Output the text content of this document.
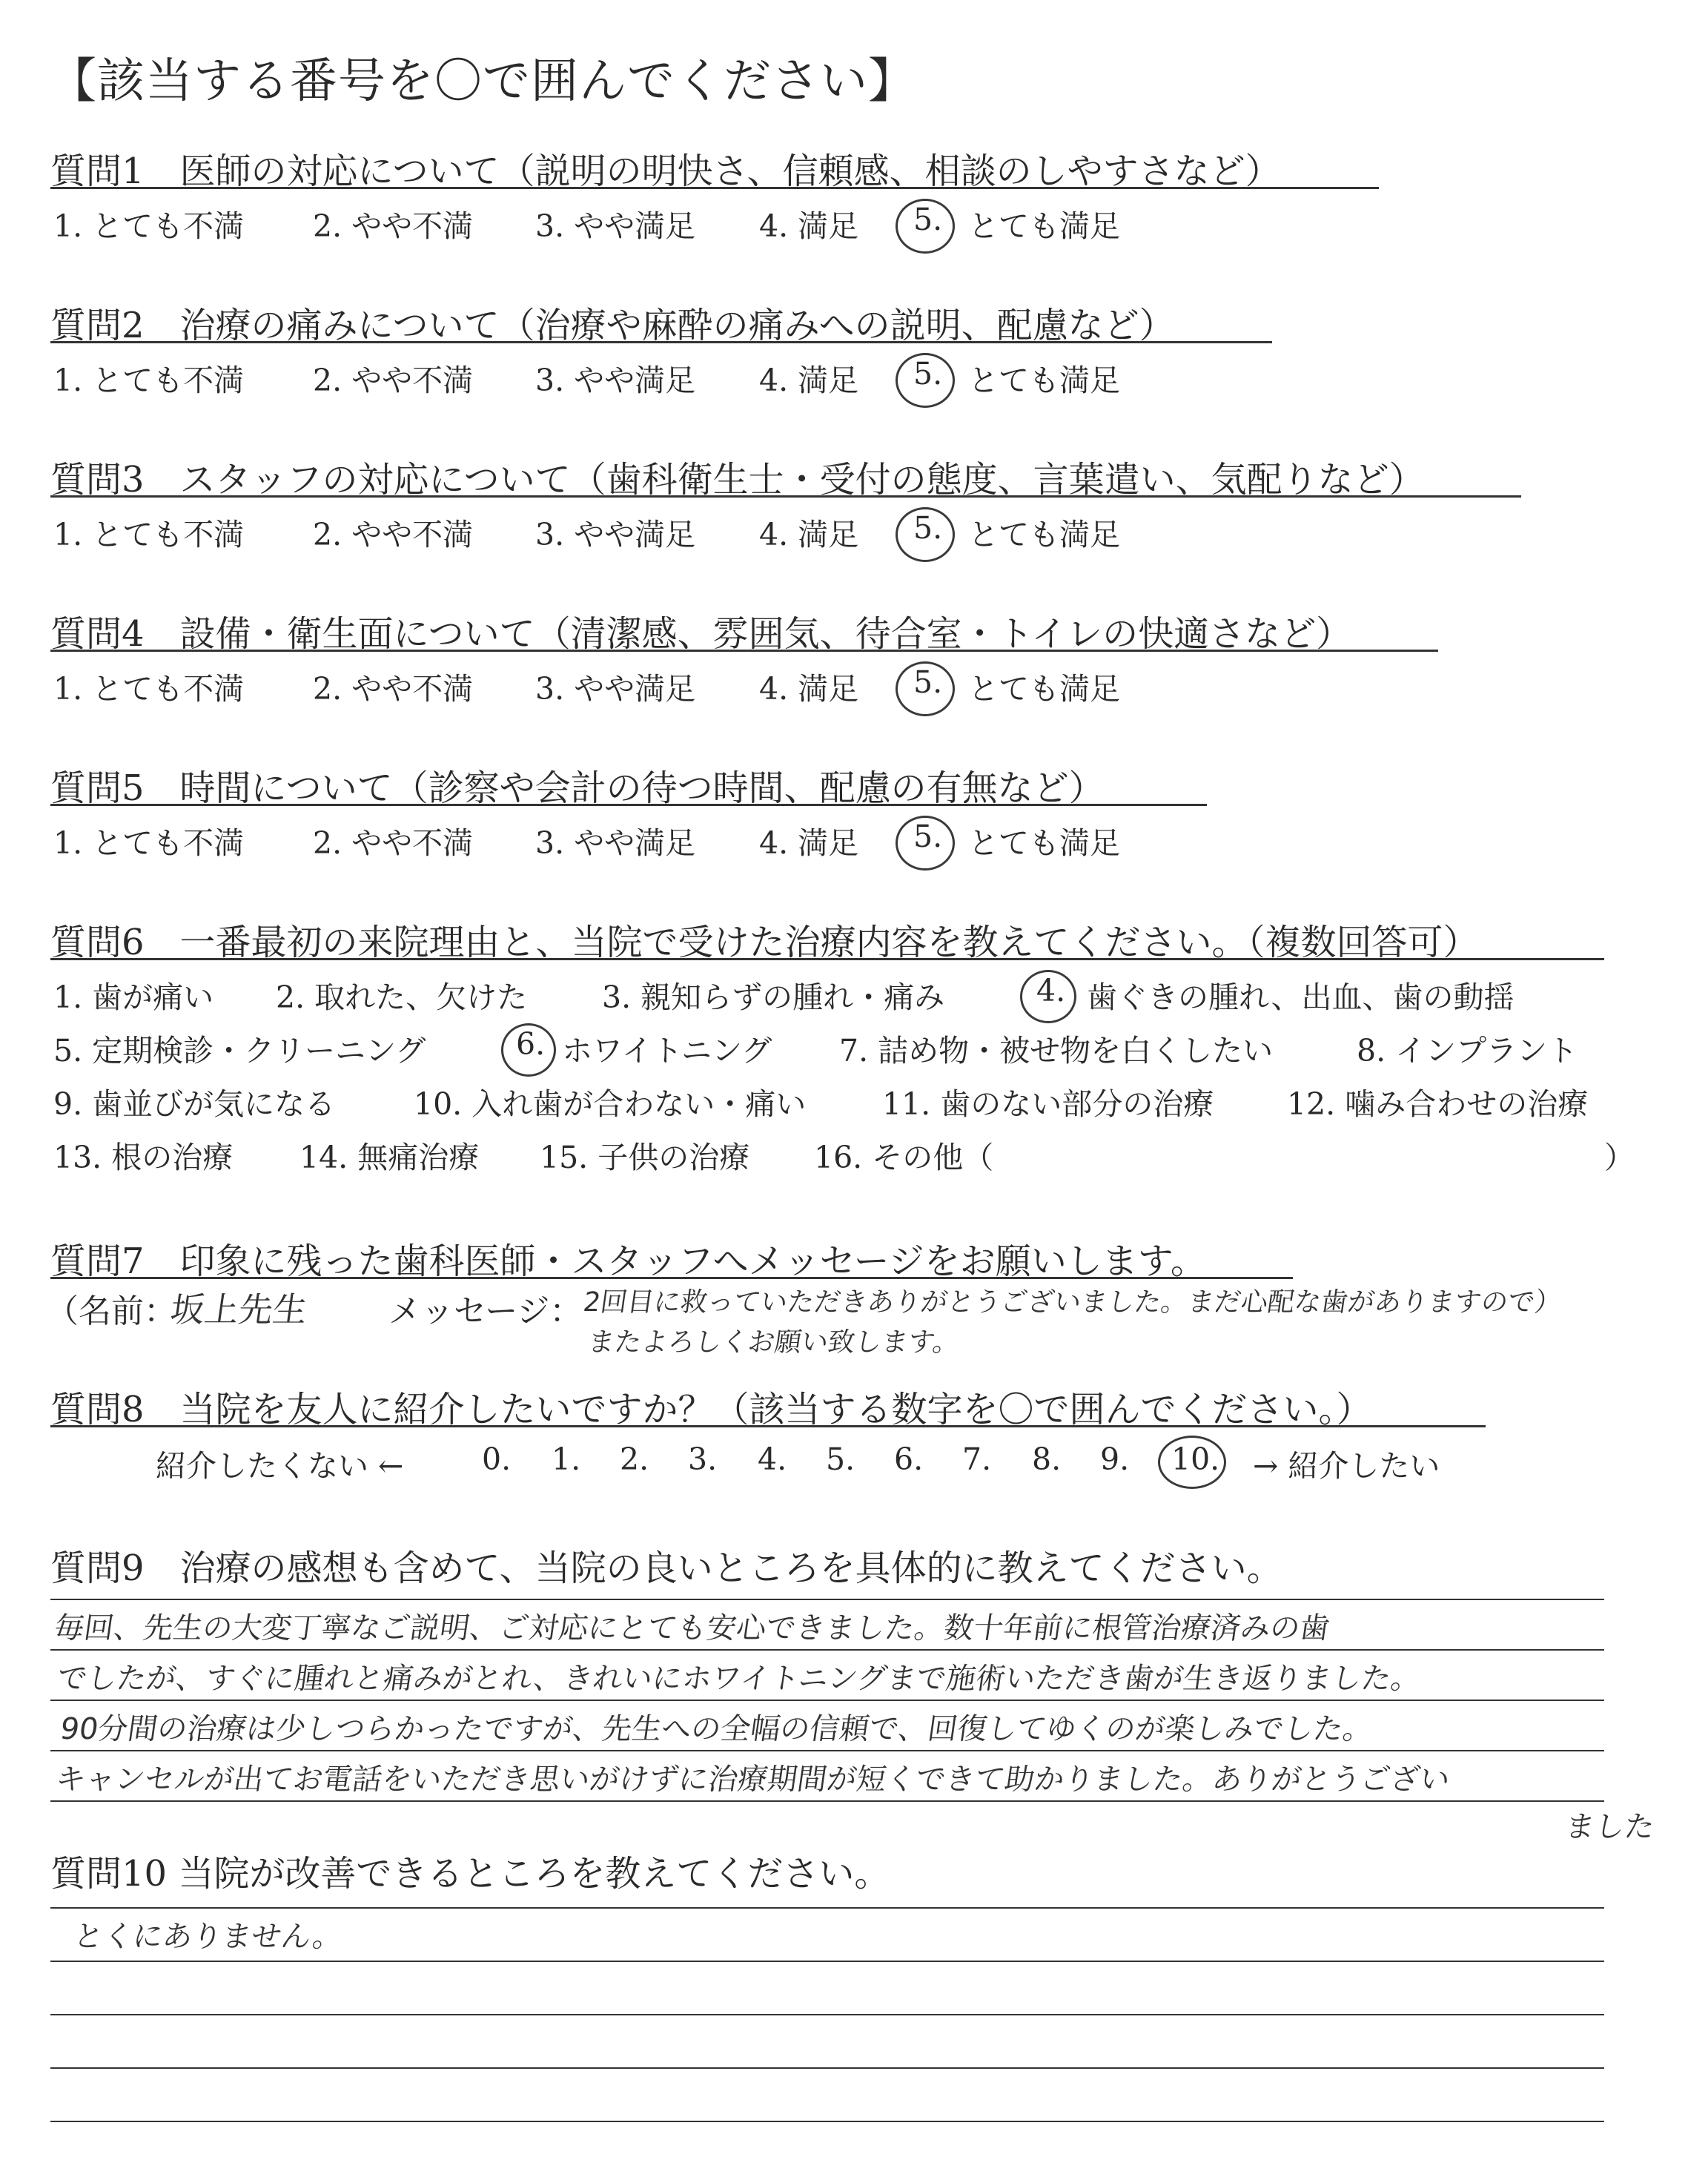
【該当する番号を〇で囲んでください】
質問1　医師の対応について（説明の明快さ、信頼感、相談のしやすさなど）
1. とても不満 2. やや不満 3. やや満足 4. 満足 5. とても満足
質問2　治療の痛みについて（治療や麻酔の痛みへの説明、配慮など）
1. とても不満 2. やや不満 3. やや満足 4. 満足 5. とても満足
質問3　スタッフの対応について（歯科衛生士・受付の態度、言葉遣い、気配りなど）
1. とても不満 2. やや不満 3. やや満足 4. 満足 5. とても満足
質問4　設備・衛生面について（清潔感、雰囲気、待合室・トイレの快適さなど）
1. とても不満 2. やや不満 3. やや満足 4. 満足 5. とても満足
質問5　時間について（診察や会計の待つ時間、配慮の有無など）
1. とても不満 2. やや不満 3. やや満足 4. 満足 5. とても満足
質問6　一番最初の来院理由と、当院で受けた治療内容を教えてください。（複数回答可）
1. 歯が痛い 2. 取れた、欠けた 3. 親知らずの腫れ・痛み	4. 歯ぐきの腫れ、出血、歯の動揺
5. 定期検診・クリーニング	6. ホワイトニング 7. 詰め物・被せ物を白くしたい	8. インプラント
9. 歯並びが気になる	10. 入れ歯が合わない・痛い	11. 歯のない部分の治療 12. 噛み合わせの治療
13. 根の治療 14. 無痛治療 15. 子供の治療 16. その他（	）
質問7　印象に残った歯科医師・スタッフへメッセージをお願いします。
（名前：
坂上先生 メッセージ：
2回目に救っていただきありがとうございました。まだ心配な歯がありますので）
またよろしくお願い致します。
質問8　当院を友人に紹介したいですか？（該当する数字を〇で囲んでください。）
紹介したくない ←	0. 1. 2. 3. 4. 5. 6. 7. 8. 9. 10. → 紹介したい
質問9　治療の感想も含めて、当院の良いところを具体的に教えてください。
毎回、先生の大変丁寧なご説明、ご対応にとても安心できました。数十年前に根管治療済みの歯
でしたが、すぐに腫れと痛みがとれ、きれいにホワイトニングまで施術いただき歯が生き返りました。
90分間の治療は少しつらかったですが、先生への全幅の信頼で、回復してゆくのが楽しみでした。
キャンセルが出てお電話をいただき思いがけずに治療期間が短くできて助かりました。ありがとうござい
ました
質問10 当院が改善できるところを教えてください。
とくにありません。
